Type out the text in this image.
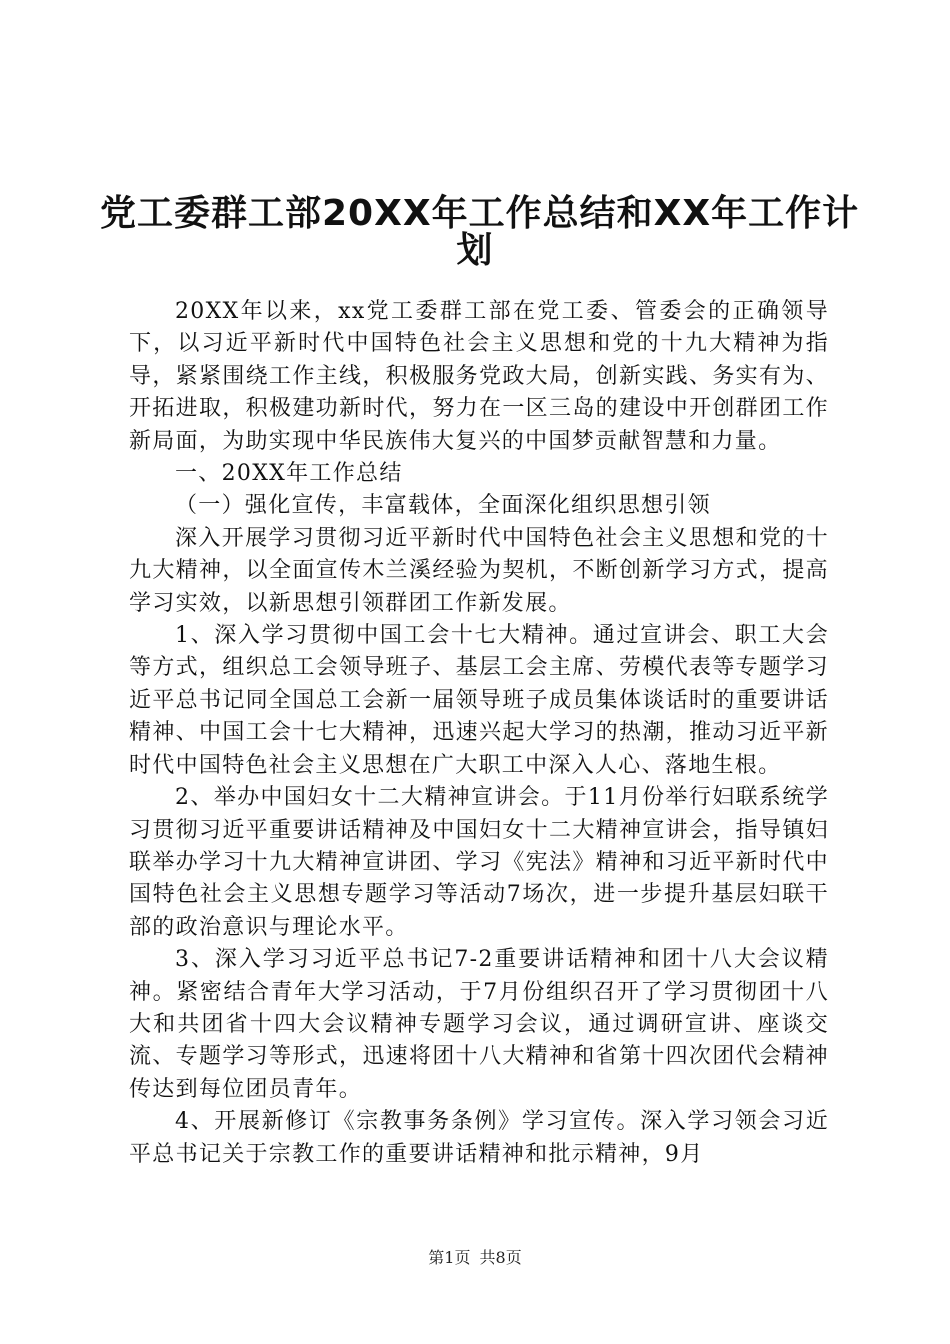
党工委群工部20XX年工作总结和XX年工作计
划

20XX年以来，xx党工委群工部在党工委、管委会的正确领导下，以习近平新时代中国特色社会主义思想和党的十九大精神为指导，紧紧围绕工作主线，积极服务党政大局，创新实践、务实有为、开拓进取，积极建功新时代，努力在一区三岛的建设中开创群团工作新局面，为助实现中华民族伟大复兴的中国梦贡献智慧和力量。

一、20XX年工作总结

（一）强化宣传，丰富载体，全面深化组织思想引领

深入开展学习贯彻习近平新时代中国特色社会主义思想和党的十九大精神，以全面宣传木兰溪经验为契机，不断创新学习方式，提高学习实效，以新思想引领群团工作新发展。

1、深入学习贯彻中国工会十七大精神。通过宣讲会、职工大会等方式，组织总工会领导班子、基层工会主席、劳模代表等专题学习近平总书记同全国总工会新一届领导班子成员集体谈话时的重要讲话精神、中国工会十七大精神，迅速兴起大学习的热潮，推动习近平新时代中国特色社会主义思想在广大职工中深入人心、落地生根。

2、举办中国妇女十二大精神宣讲会。于11月份举行妇联系统学习贯彻习近平重要讲话精神及中国妇女十二大精神宣讲会，指导镇妇联举办学习十九大精神宣讲团、学习《宪法》精神和习近平新时代中国特色社会主义思想专题学习等活动7场次，进一步提升基层妇联干部的政治意识与理论水平。

3、深入学习习近平总书记7-2重要讲话精神和团十八大会议精神。紧密结合青年大学习活动，于7月份组织召开了学习贯彻团十八大和共团省十四大会议精神专题学习会议，通过调研宣讲、座谈交流、专题学习等形式，迅速将团十八大精神和省第十四次团代会精神传达到每位团员青年。

4、开展新修订《宗教事务条例》学习宣传。深入学习领会习近平总书记关于宗教工作的重要讲话精神和批示精神，9月

第1页 共8页
